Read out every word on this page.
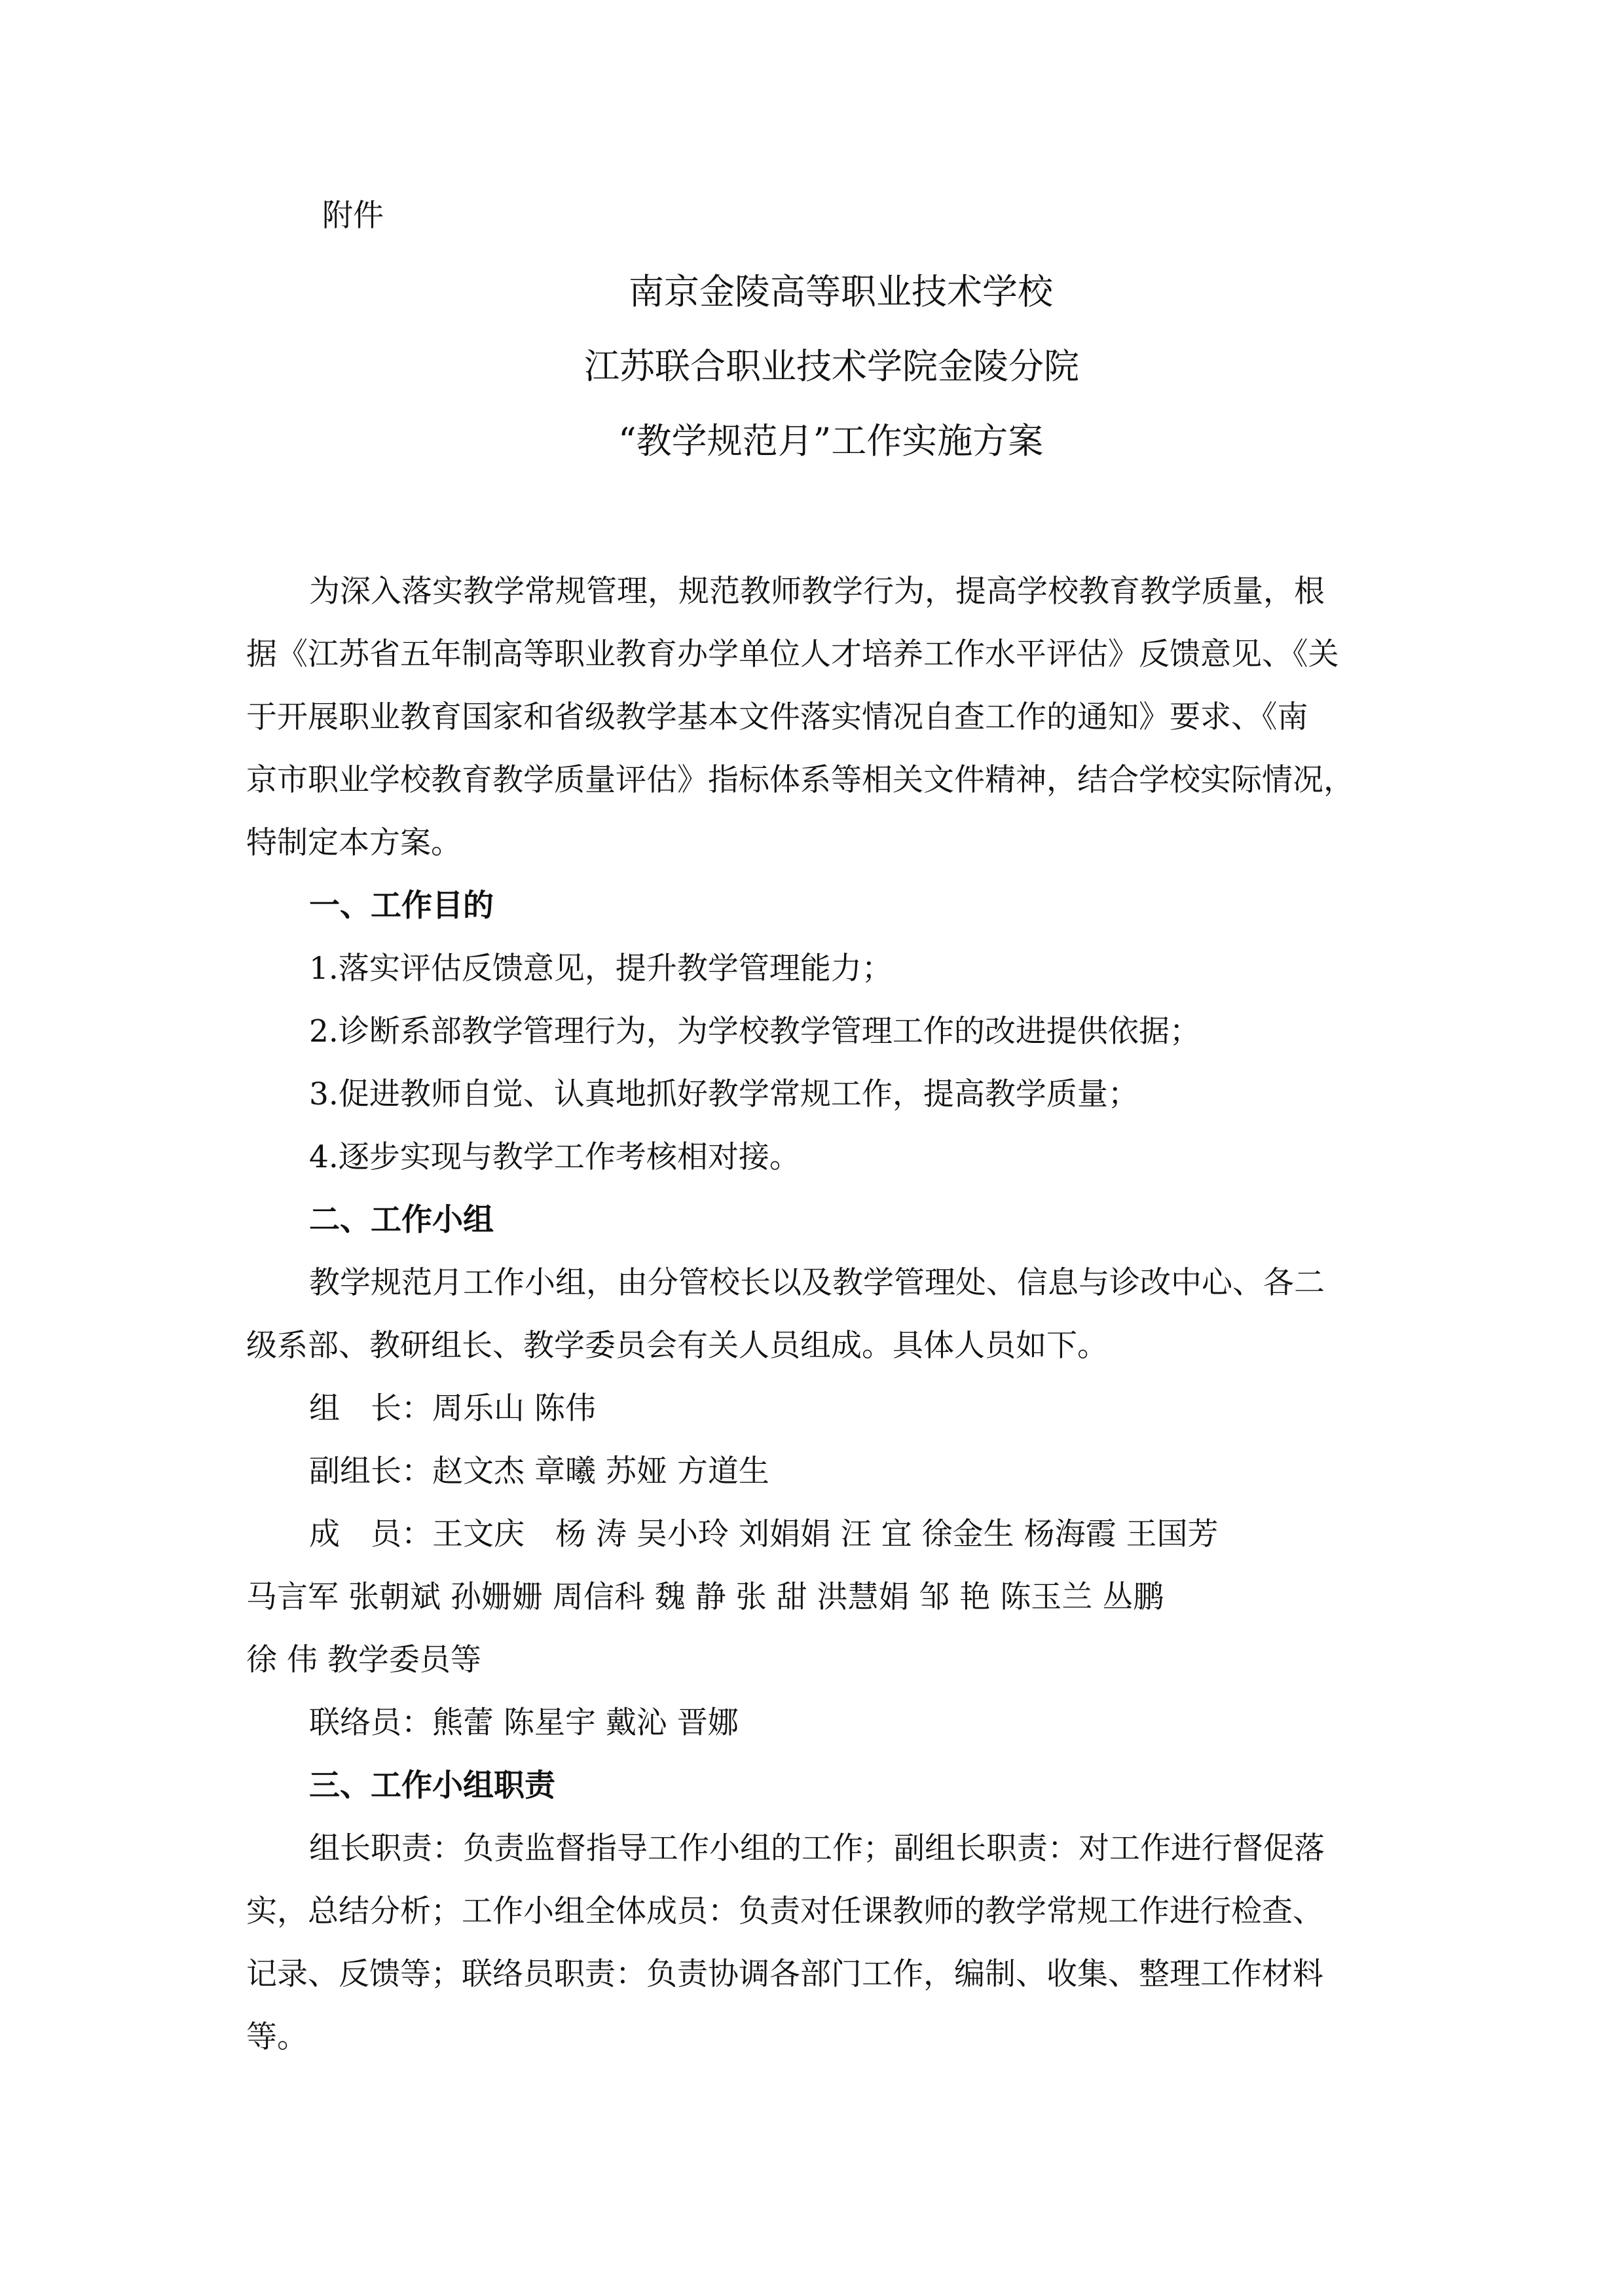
附件

南京金陵高等职业技术学校

江苏联合职业技术学院金陵分院

“教学规范月”工作实施方案

为深入落实教学常规管理，规范教师教学行为，提高学校教育教学质量，根

据《江苏省五年制高等职业教育办学单位人才培养工作水平评估》反馈意见、《关

于开展职业教育国家和省级教学基本文件落实情况自查工作的通知》要求、《南

京市职业学校教育教学质量评估》指标体系等相关文件精神，结合学校实际情况，

特制定本方案。

一、工作目的

1.落实评估反馈意见，提升教学管理能力；

2.诊断系部教学管理行为，为学校教学管理工作的改进提供依据；

3.促进教师自觉、认真地抓好教学常规工作，提高教学质量；

4.逐步实现与教学工作考核相对接。

二、工作小组

教学规范月工作小组，由分管校长以及教学管理处、信息与诊改中心、各二

级系部、教研组长、教学委员会有关人员组成。具体人员如下。

组　长：周乐山 陈伟

副组长：赵文杰 章曦 苏娅 方道生

成　员：王文庆　杨 涛 吴小玲 刘娟娟 汪 宜 徐金生 杨海霞 王国芳

马言军 张朝斌 孙姗姗 周信科 魏 静 张 甜 洪慧娟 邹 艳 陈玉兰 丛鹏

徐 伟 教学委员等

联络员：熊蕾 陈星宇 戴沁 晋娜

三、工作小组职责

组长职责：负责监督指导工作小组的工作；副组长职责：对工作进行督促落

实，总结分析；工作小组全体成员：负责对任课教师的教学常规工作进行检查、

记录、反馈等；联络员职责：负责协调各部门工作，编制、收集、整理工作材料

等。
